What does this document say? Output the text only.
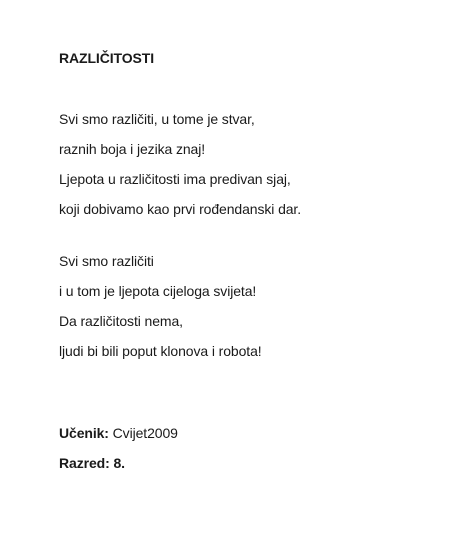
RAZLIČITOSTI
Svi smo različiti, u tome je stvar,
raznih boja i jezika znaj!
Ljepota u različitosti ima predivan sjaj,
koji dobivamo kao prvi rođendanski dar.
Svi smo različiti
i u tom je ljepota cijeloga svijeta!
Da različitosti nema,
ljudi bi bili poput klonova i robota!
Učenik: Cvijet2009
Razred: 8.
